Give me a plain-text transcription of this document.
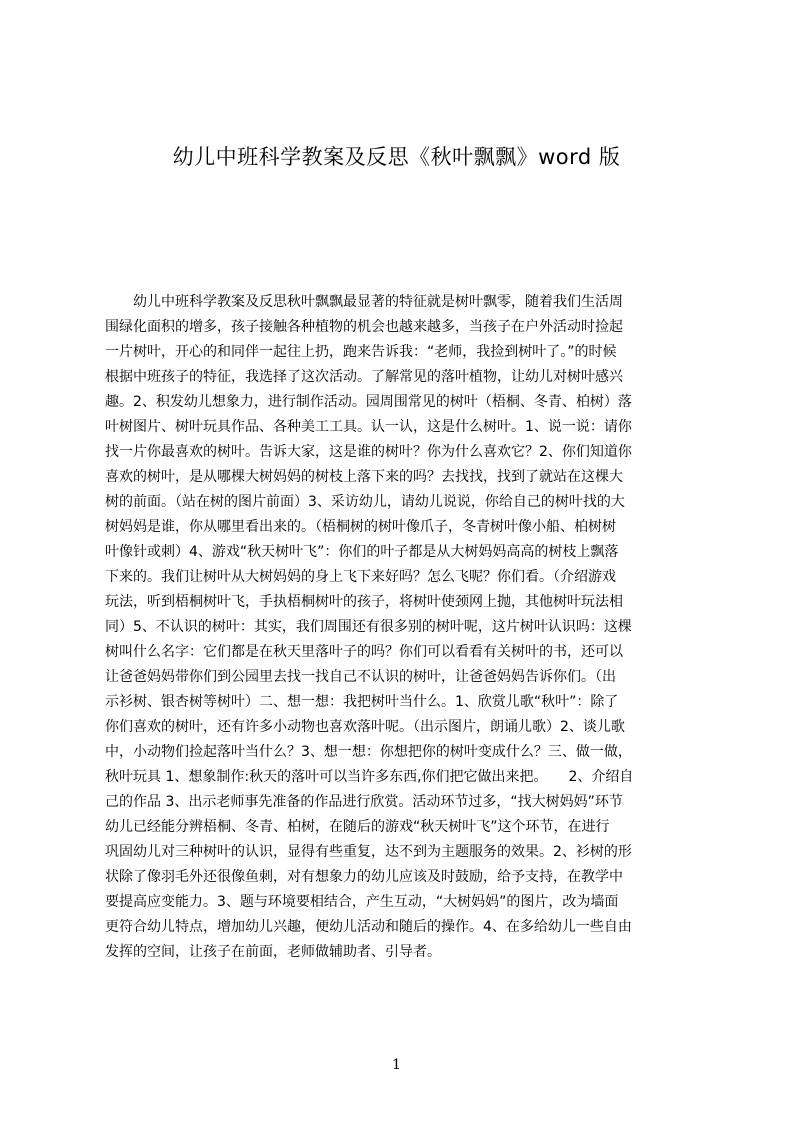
幼儿中班科学教案及反思《秋叶飘飘》word 版
　　幼儿中班科学教案及反思秋叶飘飘最显著的特征就是树叶飘零，随着我们生活周
围绿化面积的增多，孩子接触各种植物的机会也越来越多，当孩子在户外活动时捡起
一片树叶，开心的和同伴一起往上扔，跑来告诉我：“老师，我捡到树叶了。”的时候
根据中班孩子的特征，我选择了这次活动。了解常见的落叶植物，让幼儿对树叶感兴
趣。2、积发幼儿想象力，进行制作活动。园周围常见的树叶（梧桐、冬青、柏树）落
叶树图片、树叶玩具作品、各种美工工具。认一认，这是什么树叶。1、说一说：请你
找一片你最喜欢的树叶。告诉大家，这是谁的树叶？你为什么喜欢它？2、你们知道你
喜欢的树叶，是从哪棵大树妈妈的树枝上落下来的吗？去找找，找到了就站在这棵大
树的前面。（站在树的图片前面）3、采访幼儿，请幼儿说说，你给自己的树叶找的大
树妈妈是谁，你从哪里看出来的。（梧桐树的树叶像爪子，冬青树叶像小船、柏树树
叶像针或刺）4、游戏“秋天树叶飞”：你们的叶子都是从大树妈妈高高的树枝上飘落
下来的。我们让树叶从大树妈妈的身上飞下来好吗？怎么飞呢？你们看。（介绍游戏
玩法，听到梧桐树叶飞，手执梧桐树叶的孩子，将树叶使颈网上抛，其他树叶玩法相
同）5、不认识的树叶：其实，我们周围还有很多别的树叶呢，这片树叶认识吗：这棵
树叫什么名字：它们都是在秋天里落叶子的吗？你们可以看看有关树叶的书，还可以
让爸爸妈妈带你们到公园里去找一找自己不认识的树叶，让爸爸妈妈告诉你们。（出
示衫树、银杏树等树叶）二、想一想：我把树叶当什么。1、欣赏儿歌“秋叶”：除了
你们喜欢的树叶，还有许多小动物也喜欢落叶呢。（出示图片，朗诵儿歌）2、谈儿歌
中，小动物们捡起落叶当什么？3、想一想：你想把你的树叶变成什么？三、做一做，
秋叶玩具 1、想象制作:秋天的落叶可以当许多东西,你们把它做出来把。　　2、介绍自
己的作品 3、出示老师事先准备的作品进行欣赏。活动环节过多，“找大树妈妈”环节
幼儿已经能分辨梧桐、冬青、柏树，在随后的游戏“秋天树叶飞”这个环节，在进行
巩固幼儿对三种树叶的认识，显得有些重复，达不到为主题服务的效果。2、衫树的形
状除了像羽毛外还很像鱼刺，对有想象力的幼儿应该及时鼓励，给予支持，在教学中
要提高应变能力。3、题与环境要相结合，产生互动，“大树妈妈”的图片，改为墙面
更符合幼儿特点，增加幼儿兴趣，便幼儿活动和随后的操作。4、在多给幼儿一些自由
发挥的空间，让孩子在前面，老师做辅助者、引导者。
1
